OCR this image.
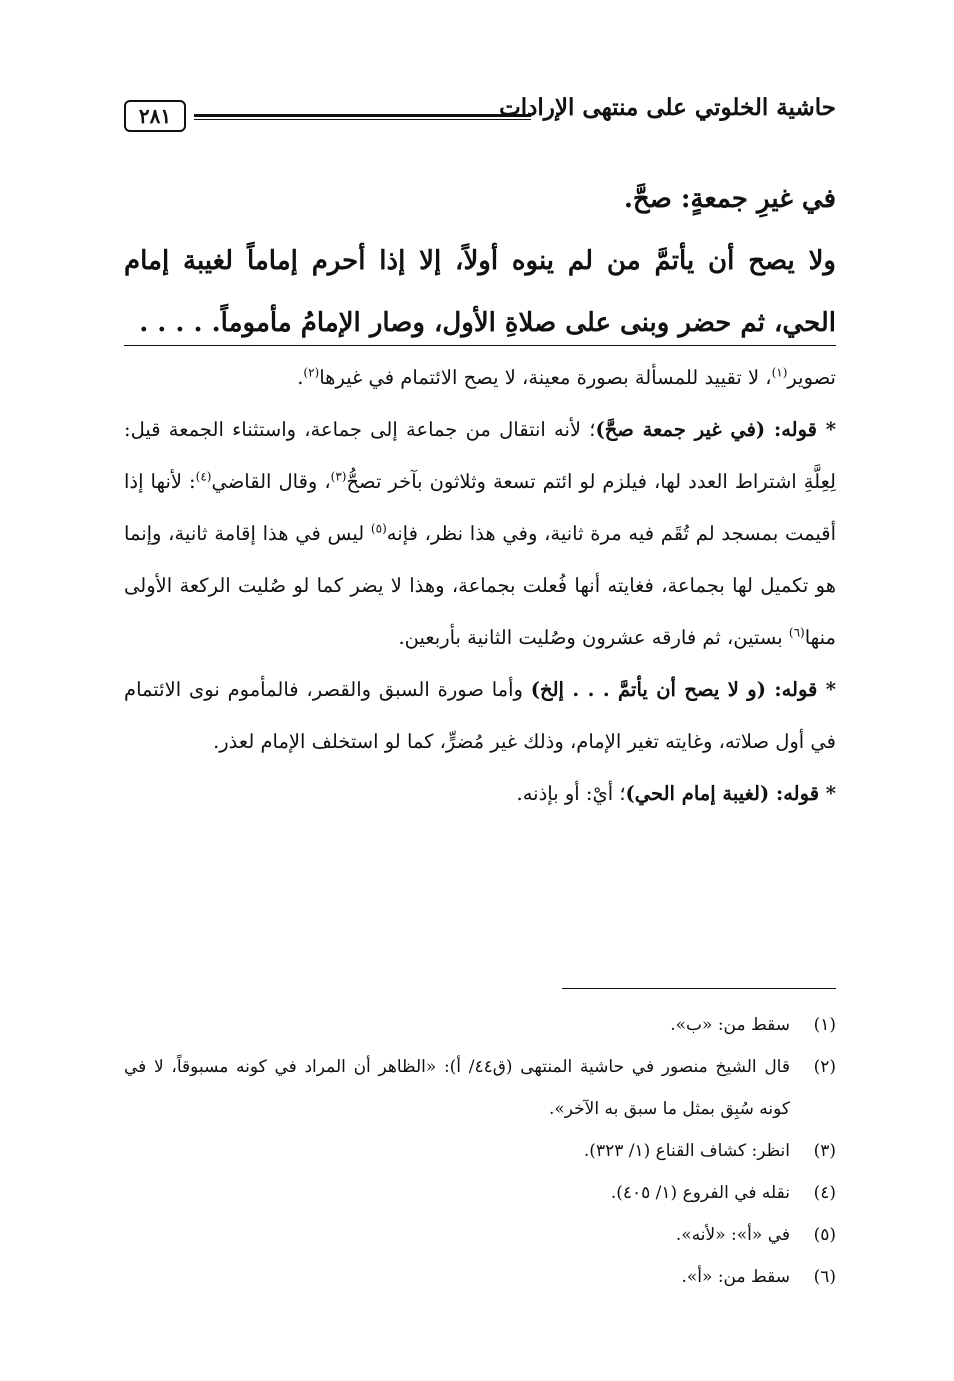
حاشية الخلوتي على منتهى الإرادات
٢٨١

في غيرِ جمعةٍ: صحَّ.

ولا يصح أن يأتمَّ من لم ينوه أولاً، إلا إذا أحرم إماماً لغيبة إمام الحي، ثم حضر وبنى على صلاةِ الأول، وصار الإمامُ مأموماً. . . . .

تصوير$^{(١)}$، لا تقييد للمسألة بصورة معينة، لا يصح الائتمام في غيرها$^{(٢)}$.

* قوله: (في غير جمعة صحَّ)؛ لأنه انتقال من جماعة إلى جماعة، واستثناء الجمعة قيل: لِعِلَّةِ اشتراط العدد لها، فيلزم لو ائتم تسعة وثلاثون بآخر تصحُّ$^{(٣)}$، وقال القاضي$^{(٤)}$: لأنها إذا أقيمت بمسجد لم تُقَم فيه مرة ثانية، وفي هذا نظر، فإنه$^{(٥)}$ ليس في هذا إقامة ثانية، وإنما هو تكميل لها بجماعة، فغايته أنها فُعلت بجماعة، وهذا لا يضر كما لو صُليت الركعة الأولى منها$^{(٦)}$ بستين، ثم فارقه عشرون وصُليت الثانية بأربعين.

* قوله: (و لا يصح أن يأتمَّ . . . إلخ) وأما صورة السبق والقصر، فالمأموم نوى الائتمام في أول صلاته، وغايته تغير الإمام، وذلك غير مُضرٍّ، كما لو استخلف الإمام لعذر.

* قوله: (لغيبة إمام الحي)؛ أيْ: أو بإذنه.

(١)
سقط من: «ب».
(٢)
قال الشيخ منصور في حاشية المنتهى (ق٤٤/ أ): «الظاهر أن المراد في كونه مسبوقاً، لا في كونه سُبِق بمثل ما سبق به الآخر».
(٣)
انظر: كشاف القناع (١/ ٣٢٣).
(٤)
نقله في الفروع (١/ ٤٠٥).
(٥)
في «أ»: «لأنه».
(٦)
سقط من: «أ».
